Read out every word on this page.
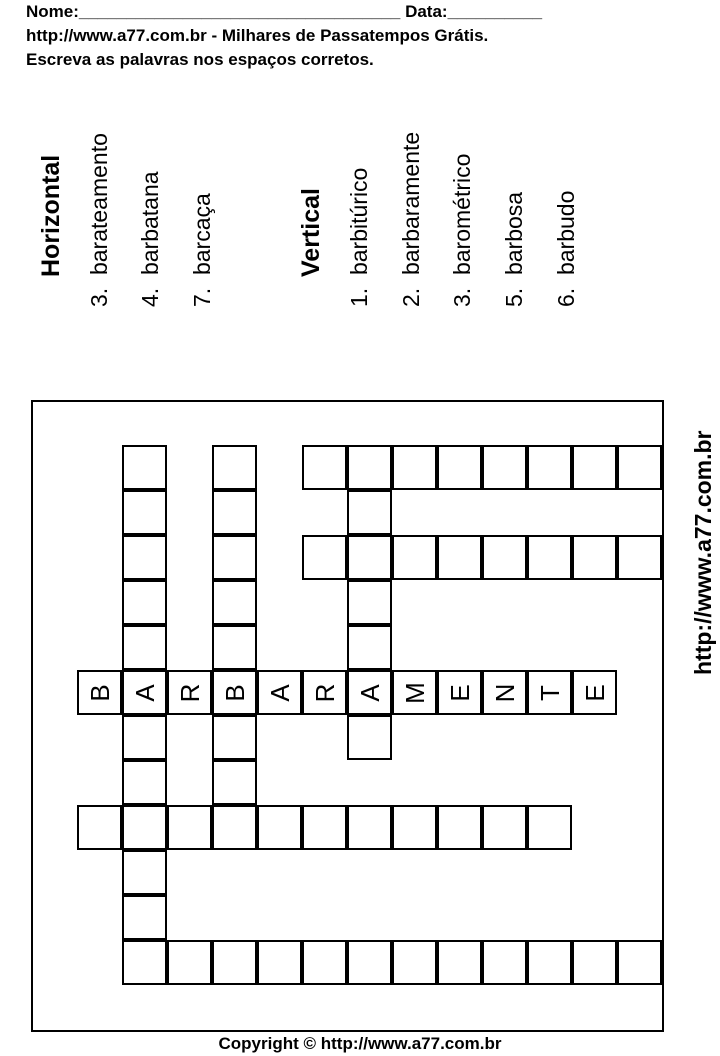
Nome:__________________________________ Data:__________
http://www.a77.com.br - Milhares de Passatempos Grátis.
Escreva as palavras nos espaços corretos.
Horizontal 3.  barateamento 4.  barbatana 7.  barcaça	Vertical 1.  barbitúrico 2.  barbaramente 3.  barométrico 5.  barbosa 6.  barbudo
B A R B A R A M E N T E
http://www.a77.com.br
Copyright © http://www.a77.com.br
